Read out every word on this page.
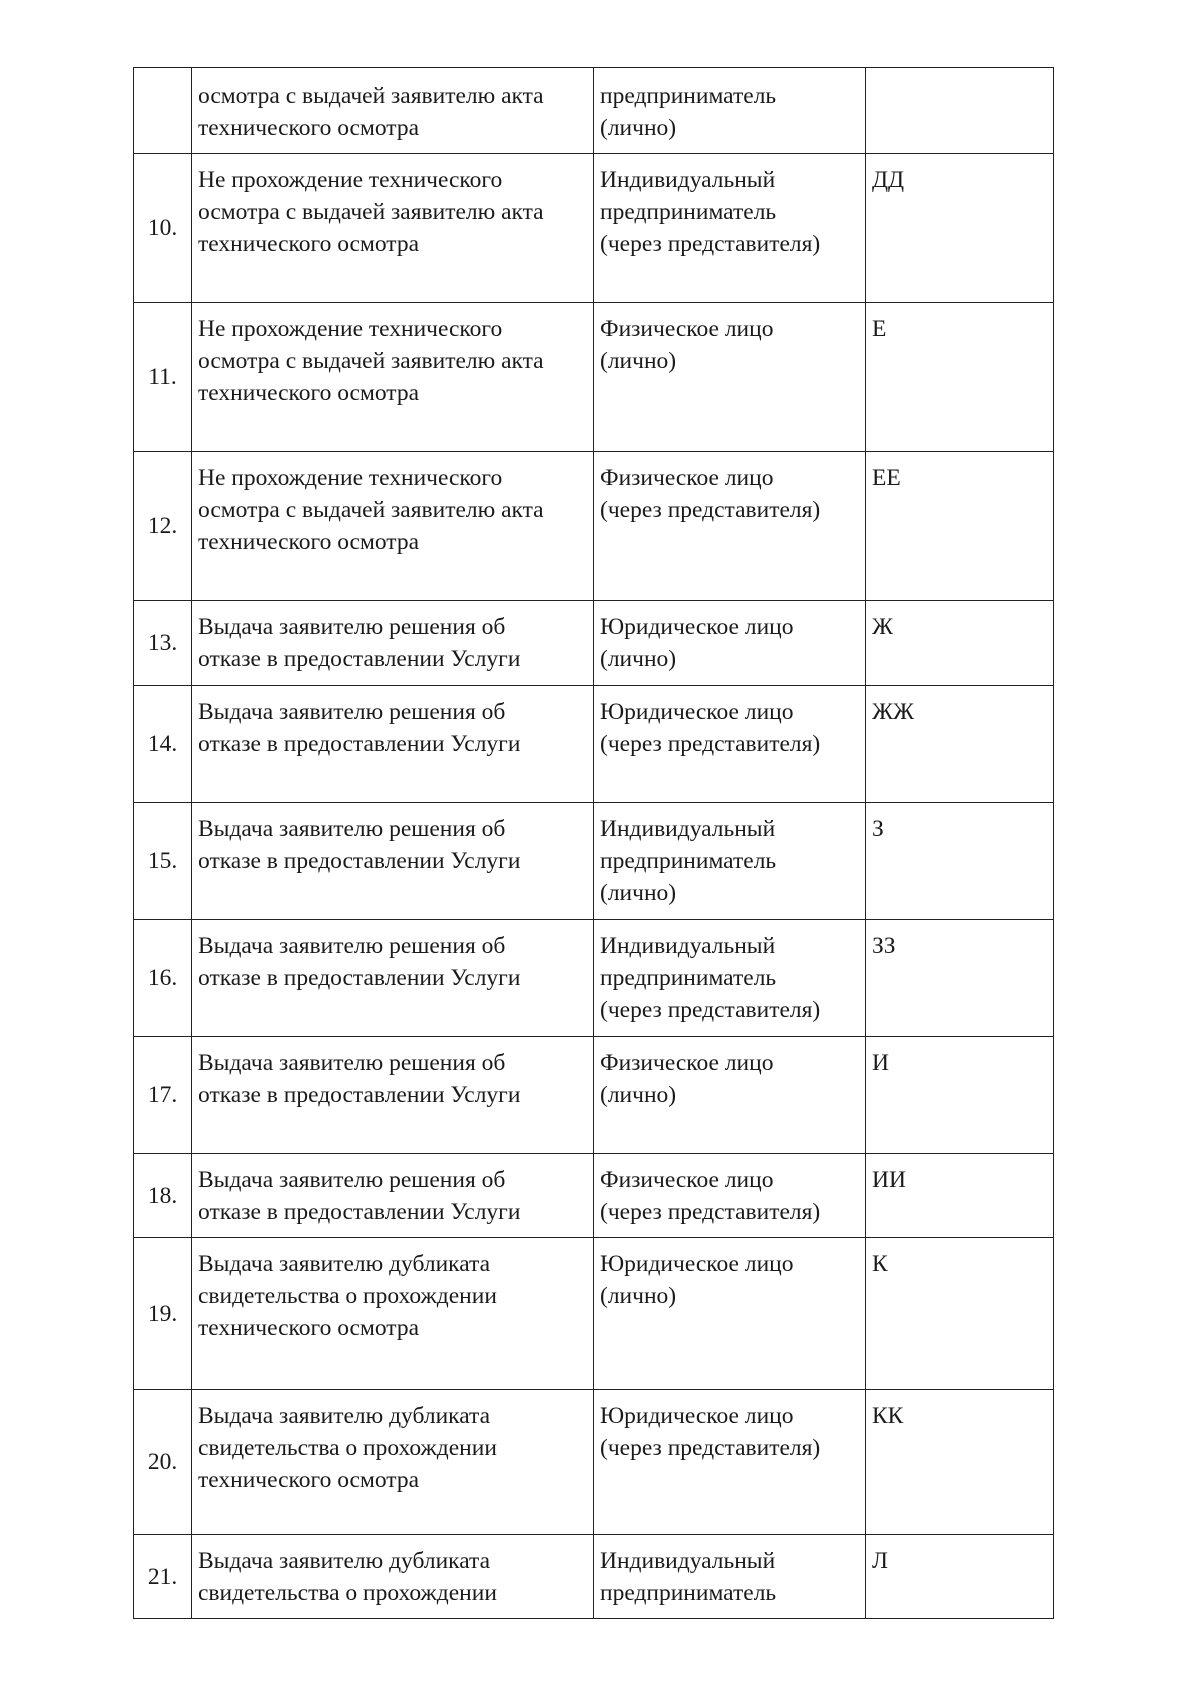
	осмотра с выдачей заявителю акта
технического осмотра	предприниматель
(лично)	
10.	Не прохождение технического
осмотра с выдачей заявителю акта
технического осмотра	Индивидуальный
предприниматель
(через представителя)	ДД
11.	Не прохождение технического
осмотра с выдачей заявителю акта
технического осмотра	Физическое лицо
(лично)	Е
12.	Не прохождение технического
осмотра с выдачей заявителю акта
технического осмотра	Физическое лицо
(через представителя)	ЕЕ
13.	Выдача заявителю решения об
отказе в предоставлении Услуги	Юридическое лицо
(лично)	Ж
14.	Выдача заявителю решения об
отказе в предоставлении Услуги	Юридическое лицо
(через представителя)	ЖЖ
15.	Выдача заявителю решения об
отказе в предоставлении Услуги	Индивидуальный
предприниматель
(лично)	З
16.	Выдача заявителю решения об
отказе в предоставлении Услуги	Индивидуальный
предприниматель
(через представителя)	ЗЗ
17.	Выдача заявителю решения об
отказе в предоставлении Услуги	Физическое лицо
(лично)	И
18.	Выдача заявителю решения об
отказе в предоставлении Услуги	Физическое лицо
(через представителя)	ИИ
19.	Выдача заявителю дубликата
свидетельства о прохождении
технического осмотра	Юридическое лицо
(лично)	К
20.	Выдача заявителю дубликата
свидетельства о прохождении
технического осмотра	Юридическое лицо
(через представителя)	КК
21.	Выдача заявителю дубликата
свидетельства о прохождении	Индивидуальный
предприниматель	Л
